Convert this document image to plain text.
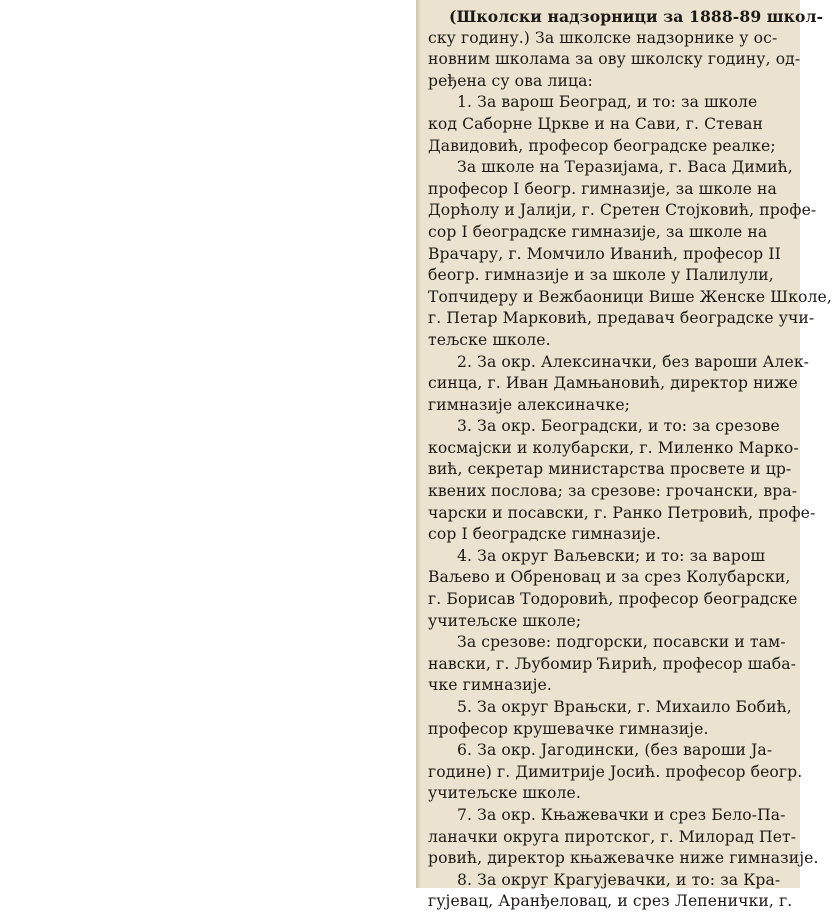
(Школски надзорници за 1888-89 школ-

ску годину.) За школске надзорнике у ос-

новним школама за ову школску годину, од-

ређена су ова лица:

1. За варош Београд, и то: за школе

код Саборне Цркве и на Сави, г. Стеван

Давидовић, професор београдске реалке;

За школе на Теразијама, г. Васа Димић,

професор I беогр. гимназије, за школе на

Дорћолу и Јалији, г. Сретен Стојковић, профе-

сор I београдске гимназије, за школе на

Врачару, г. Момчило Иванић, професор II

беогр. гимназије и за школе у Палилули,

Топчидеру и Вежбаоници Више Женске Школе,

г. Петар Марковић, предавач београдске учи-

тељске школе.

2. За окр. Алексиначки, без вароши Алек-

синца, г. Иван Дамњановић, директор ниже

гимназије алексиначке;

3. За окр. Београдски, и то: за срезове

космајски и колубарски, г. Миленко Марко-

вић, секретар министарства просвете и цр-

квених послова; за срезове: грочански, вра-

чарски и посавски, г. Ранко Петровић, профе-

сор I београдске гимназије.

4. За округ Ваљевски; и то: за варош

Ваљево и Обреновац и за срез Колубарски,

г. Борисав Тодоровић, професор београдске

учитељске школе;

За срезове: подгорски, посавски и там-

навски, г. Љубомир Ћирић, професор шаба-

чке гимназије.

5. За округ Врањски, г. Михаило Бобић,

професор крушевачке гимназије.

6. За окр. Јагодински, (без вароши Ја-

године) г. Димитрије Јосић. професор беогр.

учитељске школе.

7. За окр. Књажевачки и срез Бело-Па-

ланачки округа пиротског, г. Милорад Пет-

ровић, директор књажевачке ниже гимназије.

8. За округ Крагујевачки, и то: за Кра-

гујевац, Аранђеловац, и срез Лепенички, г.
